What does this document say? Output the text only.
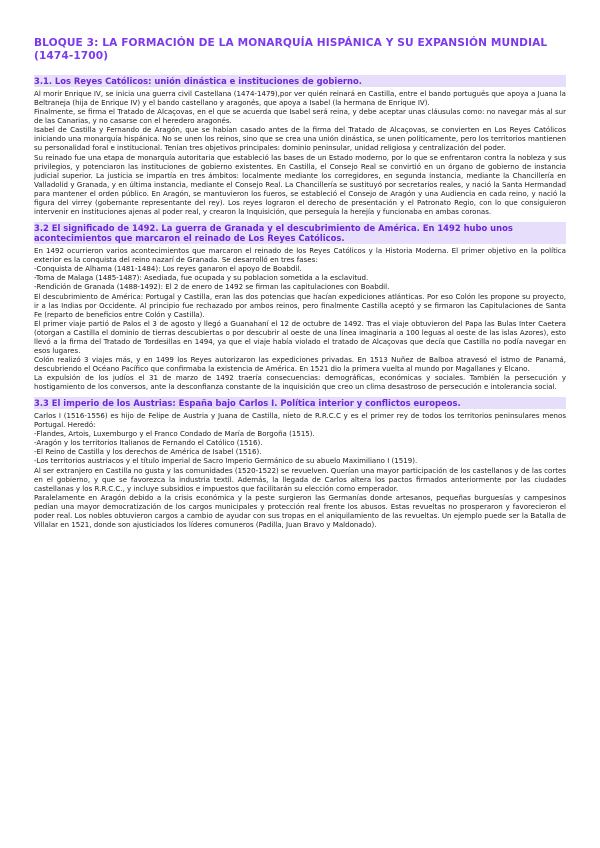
BLOQUE 3: LA FORMACIÓN DE LA MONARQUÍA HISPÁNICA Y SU EXPANSIÓN MUNDIAL (1474-1700)
3.1. Los Reyes Católicos: unión dinástica e instituciones de gobierno.

Al morir Enrique IV, se inicia una guerra civil Castellana (1474-1479),por ver quién reinará en Castilla, entre el bando portugués que apoya a Juana la Beltraneja (hija de Enrique IV) y el bando castellano y aragonés, que apoya a Isabel (la hermana de Enrique IV).

Finalmente, se firma el Tratado de Alcaçovas, en el que se acuerda que Isabel será reina, y debe aceptar unas cláusulas como: no navegar más al sur de las Canarias, y no casarse con el heredero aragonés.

Isabel de Castilla y Fernando de Aragón, que se habían casado antes de la firma del Tratado de Alcaçovas, se convierten en Los Reyes Católicos iniciando una monarquía hispánica. No se unen los reinos, sino que se crea una unión dinástica, se unen políticamente, pero los territorios mantienen su personalidad foral e institucional. Tenían tres objetivos principales: dominio peninsular, unidad religiosa y centralización del poder.

Su reinado fue una etapa de monarquía autoritaria que estableció las bases de un Estado moderno, por lo que se enfrentaron contra la nobleza y sus privilegios, y potenciaron las instituciones de gobierno existentes. En Castilla, el Consejo Real se convirtió en un órgano de gobierno de instancia judicial superior. La justicia se impartía en tres ámbitos: localmente mediante los corregidores, en segunda instancia, mediante la Chancillería en Valladolid y Granada, y en última instancia, mediante el Consejo Real. La Chancillería se sustituyó por secretarios reales, y nació la Santa Hermandad para mantener el orden público. En Aragón, se mantuvieron los fueros, se estableció el Consejo de Aragón y una Audiencia en cada reino, y nació la figura del virrey (gobernante representante del rey). Los reyes lograron el derecho de presentación y el Patronato Regio, con lo que consiguieron intervenir en instituciones ajenas al poder real, y crearon la Inquisición, que perseguía la herejía y funcionaba en ambas coronas.

3.2 El significado de 1492. La guerra de Granada y el descubrimiento de América. En 1492 hubo unos acontecimientos que marcaron el reinado de Los Reyes Católicos.

En 1492 ocurrieron varios acontecimientos que marcaron el reinado de los Reyes Católicos y la Historia Moderna. El primer objetivo en la política exterior es la conquista del reino nazarí de Granada. Se desarrolló en tres fases:

-Conquista de Alhama (1481-1484): Los reyes ganaron el apoyo de Boabdil.

-Toma de Malaga (1485-1487): Asediada, fue ocupada y su poblacion sometida a la esclavitud.

-Rendición de Granada (1488-1492): El 2 de enero de 1492 se firman las capitulaciones con Boabdil.

El descubrimiento de América: Portugal y Castilla, eran las dos potencias que hacían expediciones atlánticas. Por eso Colón les propone su proyecto, ir a las Indias por Occidente. Al principio fue rechazado por ambos reinos, pero finalmente Castilla aceptó y se firmaron las Capitulaciones de Santa Fe (reparto de beneficios entre Colón y Castilla).

El primer viaje partió de Palos el 3 de agosto y llegó a Guanahaní el 12 de octubre de 1492. Tras el viaje obtuvieron del Papa las Bulas Inter Caetera (otorgan a Castilla el dominio de tierras descubiertas o por descubrir al oeste de una línea imaginaria a 100 leguas al oeste de las islas Azores), esto llevó a la firma del Tratado de Tordesillas en 1494, ya que el viaje había violado el tratado de Alcaçovas que decía que Castilla no podía navegar en esos lugares.

Colón realizó 3 viajes más, y en 1499 los Reyes autorizaron las expediciones privadas. En 1513 Nuñez de Balboa atravesó el istmo de Panamá, descubriendo el Océano Pacífico que confirmaba la existencia de América. En 1521 dio la primera vuelta al mundo por Magallanes y Elcano.

La expulsión de los judíos el 31 de marzo de 1492 traería consecuencias: demográficas, económicas y sociales. También la persecución y hostigamiento de los conversos, ante la desconfianza constante de la inquisición que creo un clima desastroso de persecución e intolerancia social.

3.3 El imperio de los Austrias: España bajo Carlos I. Política interior y conflictos europeos.

Carlos I (1516-1556) es hijo de Felipe de Austria y Juana de Castilla, nieto de R.R.C.C y es el primer rey de todos los territorios peninsulares menos Portugal. Heredó:

-Flandes, Artois, Luxemburgo y el Franco Condado de María de Borgoña (1515).

-Aragón y los territorios Italianos de Fernando el Católico (1516).

-El Reino de Castilla y los derechos de América de Isabel (1516).

-Los territorios austriacos y el título imperial de Sacro Imperio Germánico de su abuelo Maximiliano I (1519).

Al ser extranjero en Castilla no gusta y las comunidades (1520-1522) se revuelven. Querían una mayor participación de los castellanos y de las cortes en el gobierno, y que se favorezca la industria textil. Además, la llegada de Carlos altera los pactos firmados anteriormente por las ciudades castellanas y los R.R.C.C., y incluye subsidios e impuestos que facilitarán su elección como emperador.

Paralelamente en Aragón debido a la crisis económica y la peste surgieron las Germanías donde artesanos, pequeñas burguesías y campesinos pedían una mayor democratización de los cargos municipales y protección real frente los abusos. Estas revueltas no prosperaron y favorecieron el poder real. Los nobles obtuvieron cargos a cambio de ayudar con sus tropas en el aniquilamiento de las revueltas. Un ejemplo puede ser la Batalla de Villalar en 1521, donde son ajusticiados los líderes comuneros (Padilla, Juan Bravo y Maldonado).
